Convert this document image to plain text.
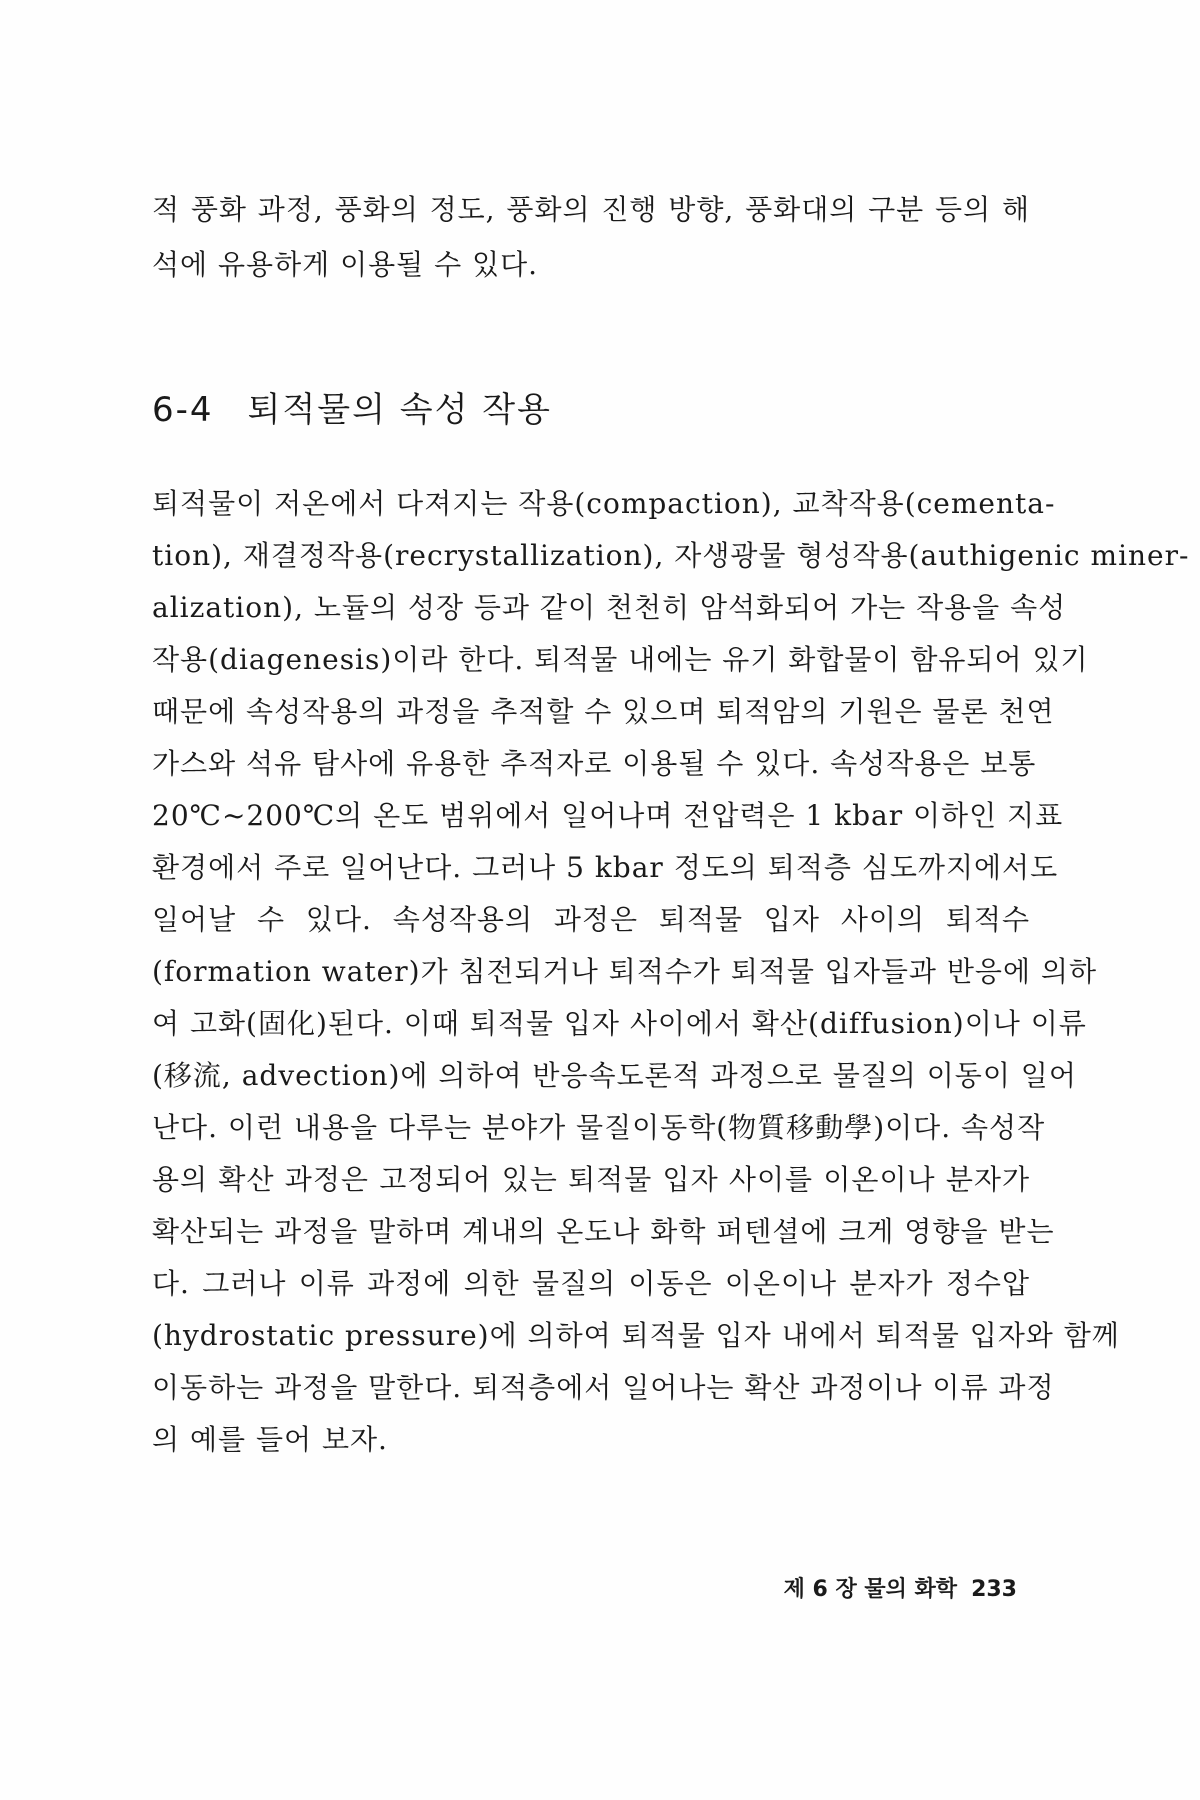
적 풍화 과정, 풍화의 정도, 풍화의 진행 방향, 풍화대의 구분 등의 해
석에 유용하게 이용될 수 있다.
6-4 퇴적물의 속성 작용
퇴적물이 저온에서 다져지는 작용(compaction), 교착작용(cementa-
tion), 재결정작용(recrystallization), 자생광물 형성작용(authigenic miner-
alization), 노듈의 성장 등과 같이 천천히 암석화되어 가는 작용을 속성
작용(diagenesis)이라 한다. 퇴적물 내에는 유기 화합물이 함유되어 있기
때문에 속성작용의 과정을 추적할 수 있으며 퇴적암의 기원은 물론 천연
가스와 석유 탐사에 유용한 추적자로 이용될 수 있다. 속성작용은 보통
20℃~200℃의 온도 범위에서 일어나며 전압력은 1 kbar 이하인 지표
환경에서 주로 일어난다. 그러나 5 kbar 정도의 퇴적층 심도까지에서도
일어날 수 있다. 속성작용의 과정은 퇴적물 입자 사이의 퇴적수
(formation water)가 침전되거나 퇴적수가 퇴적물 입자들과 반응에 의하
여 고화(固化)된다. 이때 퇴적물 입자 사이에서 확산(diffusion)이나 이류
(移流, advection)에 의하여 반응속도론적 과정으로 물질의 이동이 일어
난다. 이런 내용을 다루는 분야가 물질이동학(物質移動學)이다. 속성작
용의 확산 과정은 고정되어 있는 퇴적물 입자 사이를 이온이나 분자가
확산되는 과정을 말하며 계내의 온도나 화학 퍼텐셜에 크게 영향을 받는
다. 그러나 이류 과정에 의한 물질의 이동은 이온이나 분자가 정수압
(hydrostatic pressure)에 의하여 퇴적물 입자 내에서 퇴적물 입자와 함께
이동하는 과정을 말한다. 퇴적층에서 일어나는 확산 과정이나 이류 과정
의 예를 들어 보자.
제 6 장 물의 화학 233
